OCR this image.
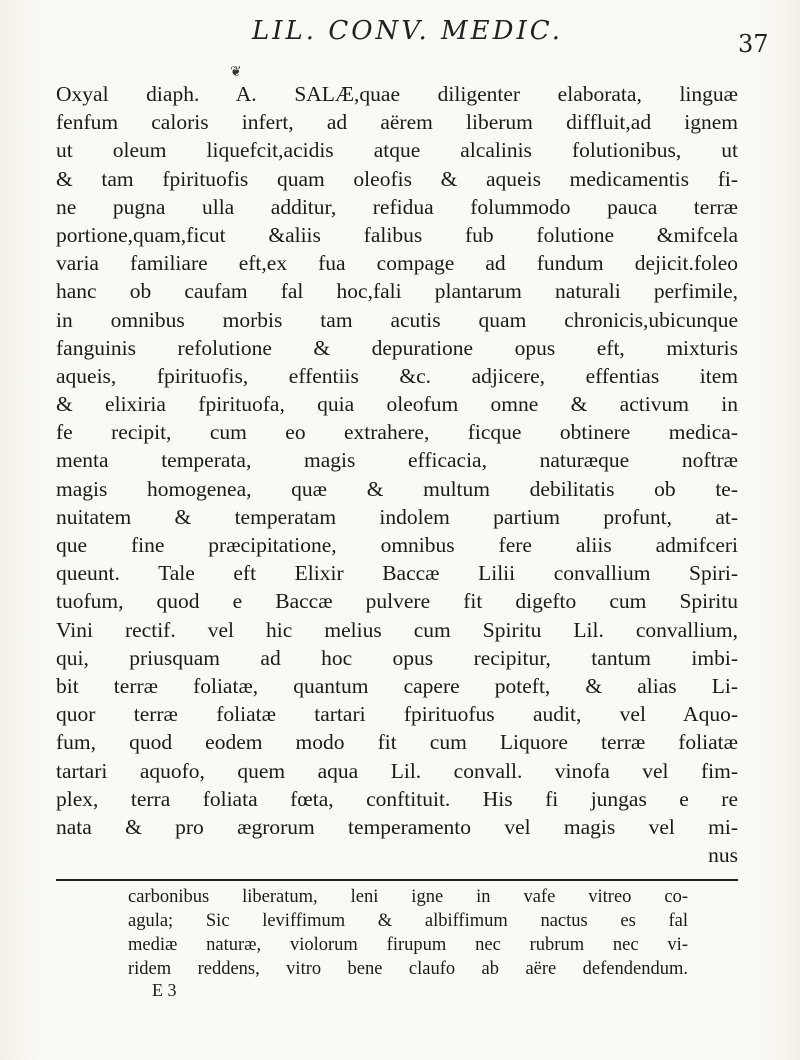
LIL. CONV. MEDIC.	37
❦
Oxyal diaph. A. SALÆ,quae diligenter elaborata, linguæ
fenfum caloris infert, ad aërem liberum diffluit,ad ignem
ut oleum liquefcit,acidis atque alcalinis folutionibus, ut
& tam fpirituofis quam oleofis & aqueis medicamentis fi-
ne pugna ulla additur, refidua folummodo pauca terræ
portione,quam,ficut &aliis falibus fub folutione &mifcela
varia familiare eft,ex fua compage ad fundum dejicit.foleo
hanc ob caufam fal hoc,fali plantarum naturali perfimile,
in omnibus morbis tam acutis quam chronicis,ubicunque
fanguinis refolutione & depuratione opus eft, mixturis
aqueis, fpirituofis, effentiis &c. adjicere, effentias item
& elixiria fpirituofa, quia oleofum omne & activum in
fe recipit, cum eo extrahere, ficque obtinere medica-
menta temperata, magis efficacia, naturæque noftræ
magis homogenea, quæ & multum debilitatis ob te-
nuitatem & temperatam indolem partium profunt, at-
que fine præcipitatione, omnibus fere aliis admifceri
queunt. Tale eft Elixir Baccæ Lilii convallium Spiri-
tuofum, quod e Baccæ pulvere fit digefto cum Spiritu
Vini rectif. vel hic melius cum Spiritu Lil. convallium,
qui, priusquam ad hoc opus recipitur, tantum imbi-
bit terræ foliatæ, quantum capere poteft, & alias Li-
quor terræ foliatæ tartari fpirituofus audit, vel Aquo-
fum, quod eodem modo fit cum Liquore terræ foliatæ
tartari aquofo, quem aqua Lil. convall. vinofa vel fim-
plex, terra foliata fœta, conftituit. His fi jungas e re
nata & pro ægrorum temperamento vel magis vel mi-
nus
carbonibus liberatum, leni igne in vafe vitreo co-
agula; Sic leviffimum & albiffimum nactus es fal
mediæ naturæ, violorum firupum nec rubrum nec vi-
ridem reddens, vitro bene claufo ab aëre defendendum.
E 3
